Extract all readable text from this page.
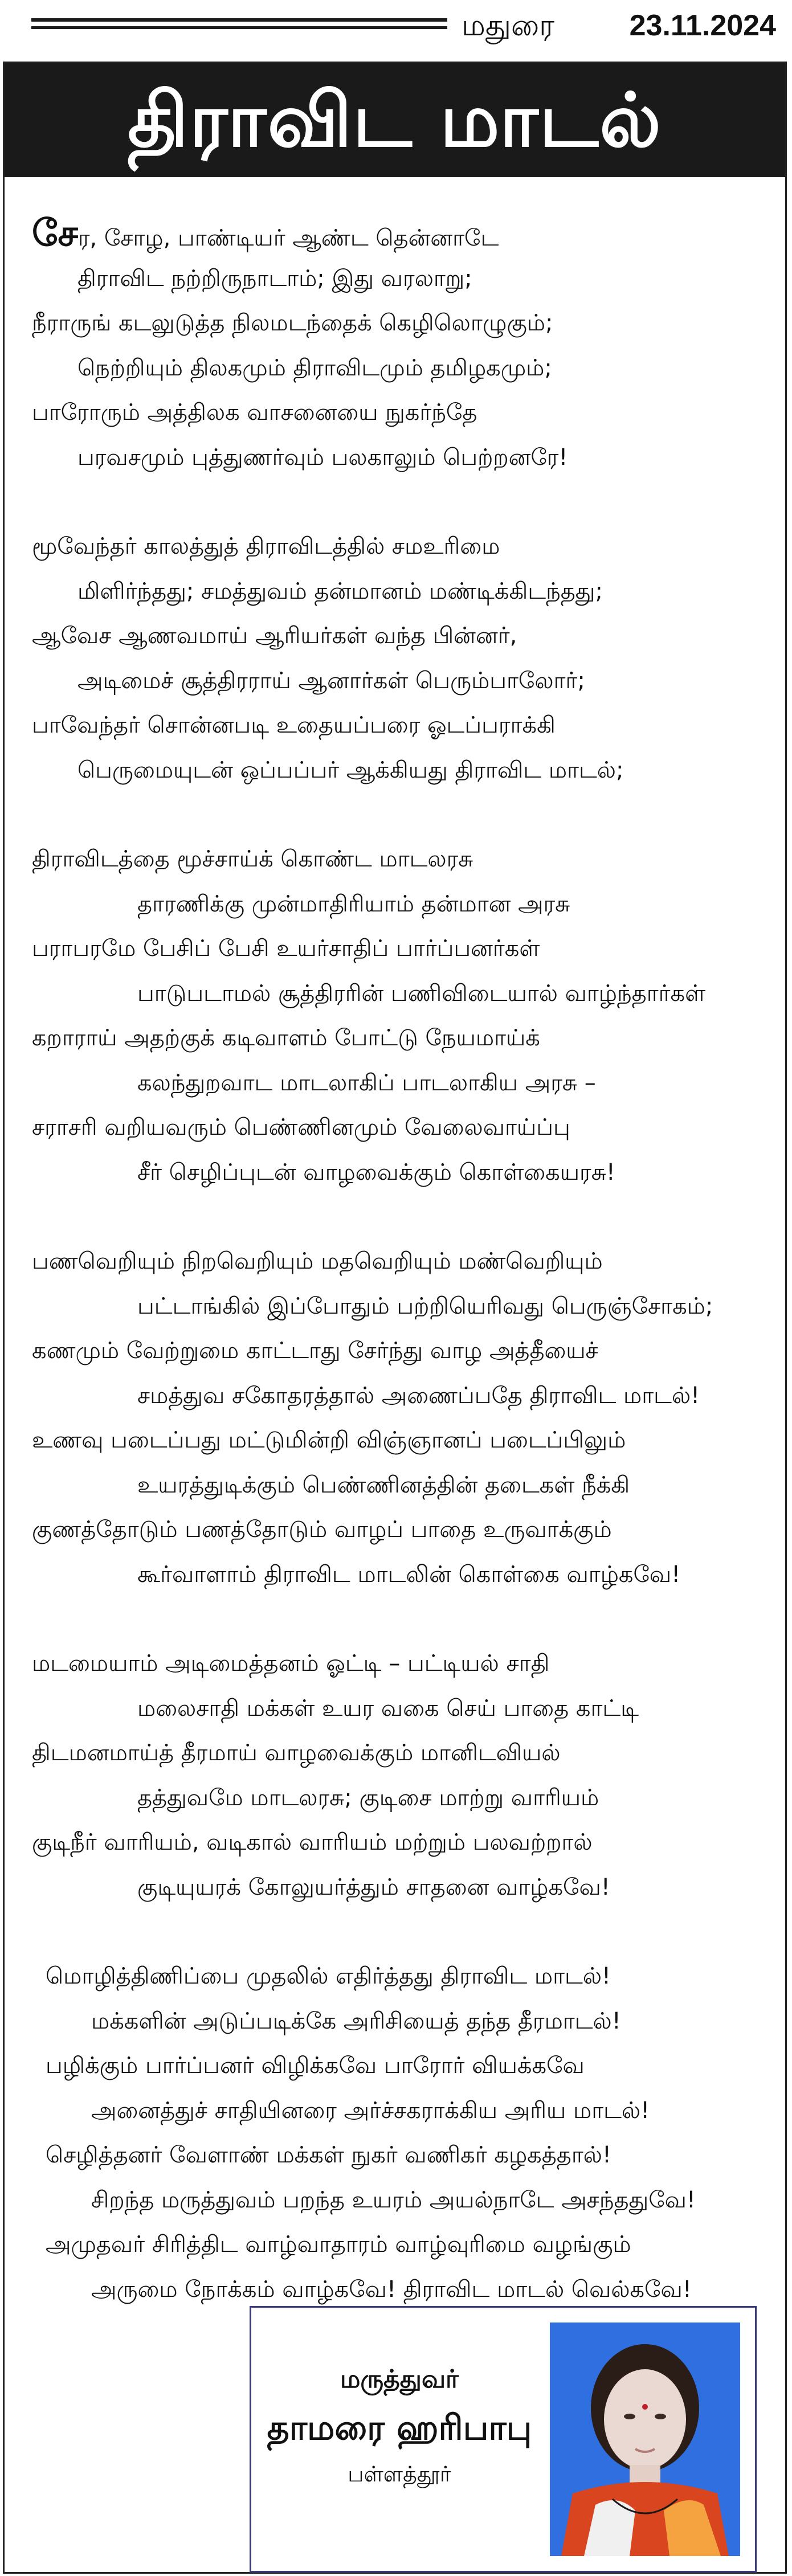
மதுரை	23.11.2024
திராவிட மாடல்
சேர, சோழ, பாண்டியர் ஆண்ட தென்னாடே
திராவிட நற்றிருநாடாம்; இது வரலாறு;
நீராருங் கடலுடுத்த நிலமடந்தைக் கெழிலொழுகும்;
நெற்றியும் திலகமும் திராவிடமும் தமிழகமும்;
பாரோரும் அத்திலக வாசனையை நுகர்ந்தே
பரவசமும் புத்துணர்வும் பலகாலும் பெற்றனரே!
மூவேந்தர் காலத்துத் திராவிடத்தில் சமஉரிமை
மிளிர்ந்தது; சமத்துவம் தன்மானம் மண்டிக்கிடந்தது;
ஆவேச ஆணவமாய் ஆரியர்கள் வந்த பின்னர்,
அடிமைச் சூத்திரராய் ஆனார்கள் பெரும்பாலோர்;
பாவேந்தர் சொன்னபடி உதையப்பரை ஓடப்பராக்கி
பெருமையுடன் ஒப்பப்பர் ஆக்கியது திராவிட மாடல்;
திராவிடத்தை மூச்சாய்க் கொண்ட மாடலரசு
தாரணிக்கு முன்மாதிரியாம் தன்மான அரசு
பராபரமே பேசிப் பேசி உயர்சாதிப் பார்ப்பனர்கள்
பாடுபடாமல் சூத்திரரின் பணிவிடையால் வாழ்ந்தார்கள்
கறாராய் அதற்குக் கடிவாளம் போட்டு நேயமாய்க்
கலந்துறவாட மாடலாகிப் பாடலாகிய அரசு –
சராசரி வறியவரும் பெண்ணினமும் வேலைவாய்ப்பு
சீர் செழிப்புடன் வாழவைக்கும் கொள்கையரசு!
பணவெறியும் நிறவெறியும் மதவெறியும் மண்வெறியும்
பட்டாங்கில் இப்போதும் பற்றியெரிவது பெருஞ்சோகம்;
கணமும் வேற்றுமை காட்டாது சேர்ந்து வாழ அத்தீயைச்
சமத்துவ சகோதரத்தால் அணைப்பதே திராவிட மாடல்!
உணவு படைப்பது மட்டுமின்றி விஞ்ஞானப் படைப்பிலும்
உயரத்துடிக்கும் பெண்ணினத்தின் தடைகள் நீக்கி
குணத்தோடும் பணத்தோடும் வாழப் பாதை உருவாக்கும்
கூர்வாளாம் திராவிட மாடலின் கொள்கை வாழ்கவே!
மடமையாம் அடிமைத்தனம் ஓட்டி – பட்டியல் சாதி
மலைசாதி மக்கள் உயர வகை செய் பாதை காட்டி
திடமனமாய்த் தீரமாய் வாழவைக்கும் மானிடவியல்
தத்துவமே மாடலரசு; குடிசை மாற்று வாரியம்
குடிநீர் வாரியம், வடிகால் வாரியம் மற்றும் பலவற்றால்
குடியுயரக் கோலுயர்த்தும் சாதனை வாழ்கவே!
மொழித்திணிப்பை முதலில் எதிர்த்தது திராவிட மாடல்!
மக்களின் அடுப்படிக்கே அரிசியைத் தந்த தீரமாடல்!
பழிக்கும் பார்ப்பனர் விழிக்கவே பாரோர் வியக்கவே
அனைத்துச் சாதியினரை அர்ச்சகராக்கிய அரிய மாடல்!
செழித்தனர் வேளாண் மக்கள் நுகர் வணிகர் கழகத்தால்!
சிறந்த மருத்துவம் பறந்த உயரம் அயல்நாடே அசந்ததுவே!
அமுதவர் சிரித்திட வாழ்வாதாரம் வாழ்வுரிமை வழங்கும்
அருமை நோக்கம் வாழ்கவே! திராவிட மாடல் வெல்கவே!
மருத்துவர்
தாமரை ஹரிபாபு
பள்ளத்தூர்
